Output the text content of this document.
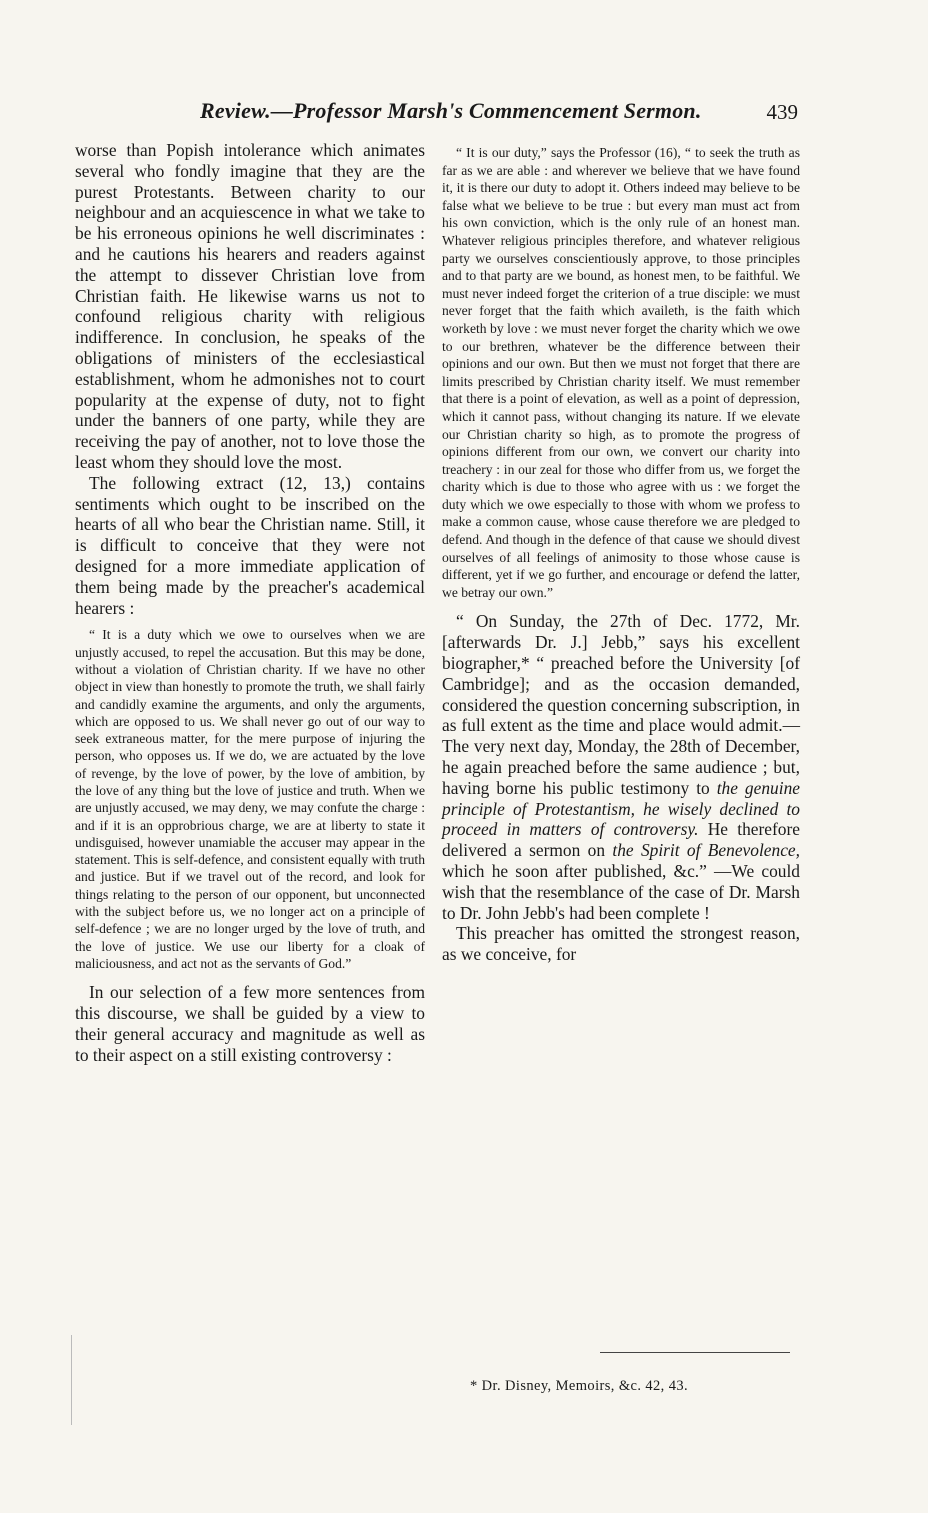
Review.—Professor Marsh's Commencement Sermon.	439

worse than Popish intolerance which animates several who fondly imagine that they are the purest Protestants. Between charity to our neighbour and an acquiescence in what we take to be his erroneous opinions he well discriminates : and he cautions his hearers and readers against the attempt to dissever Christian love from Christian faith. He likewise warns us not to confound religious charity with religious indifference. In conclusion, he speaks of the obligations of ministers of the ecclesiastical establishment, whom he admonishes not to court popularity at the expense of duty, not to fight under the banners of one party, while they are receiving the pay of another, not to love those the least whom they should love the most.

The following extract (12, 13,) contains sentiments which ought to be inscribed on the hearts of all who bear the Christian name. Still, it is difficult to conceive that they were not designed for a more immediate application of them being made by the preacher's academical hearers :

“ It is a duty which we owe to ourselves when we are unjustly accused, to repel the accusation. But this may be done, without a violation of Christian charity. If we have no other object in view than honestly to promote the truth, we shall fairly and candidly examine the arguments, and only the arguments, which are opposed to us. We shall never go out of our way to seek extraneous matter, for the mere purpose of injuring the person, who opposes us. If we do, we are actuated by the love of revenge, by the love of power, by the love of ambition, by the love of any thing but the love of justice and truth. When we are unjustly accused, we may deny, we may confute the charge : and if it is an opprobrious charge, we are at liberty to state it undisguised, however unamiable the accuser may appear in the statement. This is self-defence, and consistent equally with truth and justice. But if we travel out of the record, and look for things relating to the person of our opponent, but unconnected with the subject before us, we no longer act on a principle of self-defence ; we are no longer urged by the love of truth, and the love of justice. We use our liberty for a cloak of maliciousness, and act not as the servants of God.”

In our selection of a few more sentences from this discourse, we shall be guided by a view to their general accuracy and magnitude as well as to their aspect on a still existing controversy :

“ It is our duty,” says the Professor (16), “ to seek the truth as far as we are able : and wherever we believe that we have found it, it is there our duty to adopt it. Others indeed may believe to be false what we believe to be true : but every man must act from his own conviction, which is the only rule of an honest man. Whatever religious principles therefore, and whatever religious party we ourselves conscientiously approve, to those principles and to that party are we bound, as honest men, to be faithful. We must never indeed forget the criterion of a true disciple: we must never forget that the faith which availeth, is the faith which worketh by love : we must never forget the charity which we owe to our brethren, whatever be the difference between their opinions and our own. But then we must not forget that there are limits prescribed by Christian charity itself. We must remember that there is a point of elevation, as well as a point of depression, which it cannot pass, without changing its nature. If we elevate our Christian charity so high, as to promote the progress of opinions different from our own, we convert our charity into treachery : in our zeal for those who differ from us, we forget the charity which is due to those who agree with us : we forget the duty which we owe especially to those with whom we profess to make a common cause, whose cause therefore we are pledged to defend. And though in the defence of that cause we should divest ourselves of all feelings of animosity to those whose cause is different, yet if we go further, and encourage or defend the latter, we betray our own.”

“ On Sunday, the 27th of Dec. 1772, Mr. [afterwards Dr. J.] Jebb,” says his excellent biographer,* “ preached before the University [of Cambridge]; and as the occasion demanded, considered the question concerning subscription, in as full extent as the time and place would admit.—The very next day, Monday, the 28th of December, he again preached before the same audience ; but, having borne his public testimony to the genuine principle of Protestantism, he wisely declined to proceed in matters of controversy. He therefore delivered a sermon on the Spirit of Benevolence, which he soon after published, &c.” —We could wish that the resemblance of the case of Dr. Marsh to Dr. John Jebb's had been complete !

This preacher has omitted the strongest reason, as we conceive, for

* Dr. Disney, Memoirs, &c. 42, 43.
